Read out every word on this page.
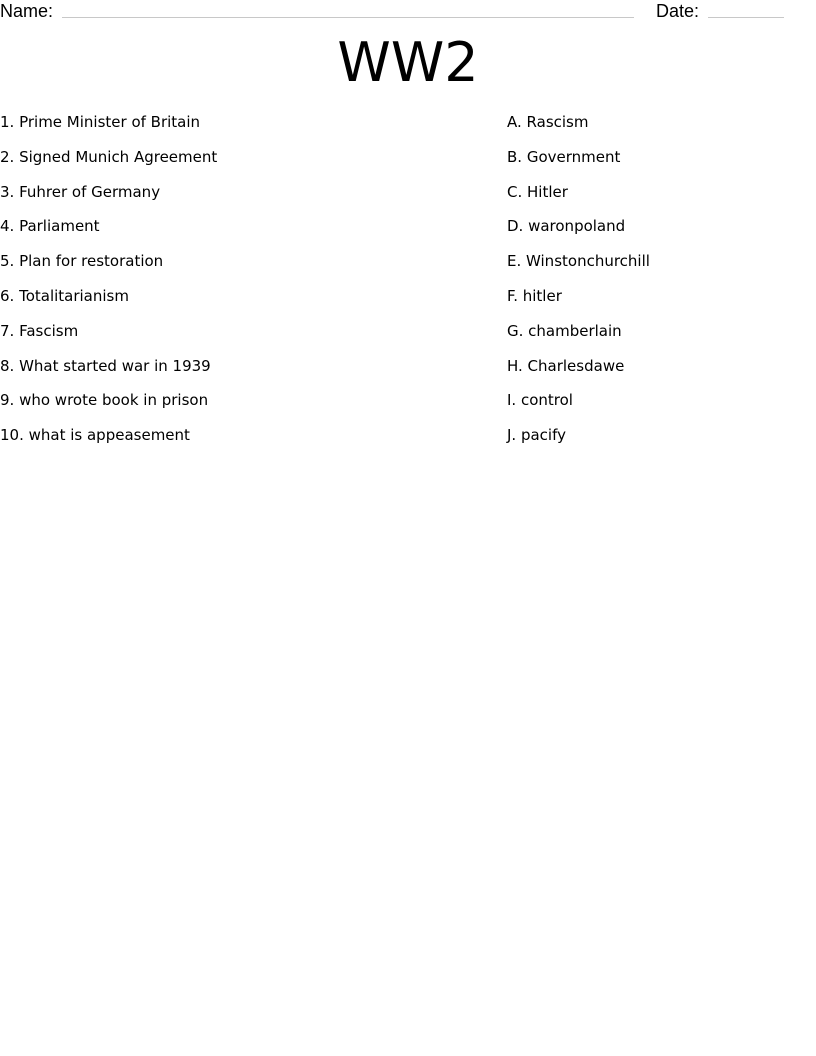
Name:	Date:
WW2
1. Prime Minister of Britain
2. Signed Munich Agreement
3. Fuhrer of Germany
4. Parliament
5. Plan for restoration
6. Totalitarianism
7. Fascism
8. What started war in 1939
9. who wrote book in prison
10. what is appeasement
A. Rascism
B. Government
C. Hitler
D. waronpoland
E. Winstonchurchill
F. hitler
G. chamberlain
H. Charlesdawe
I. control
J. pacify
